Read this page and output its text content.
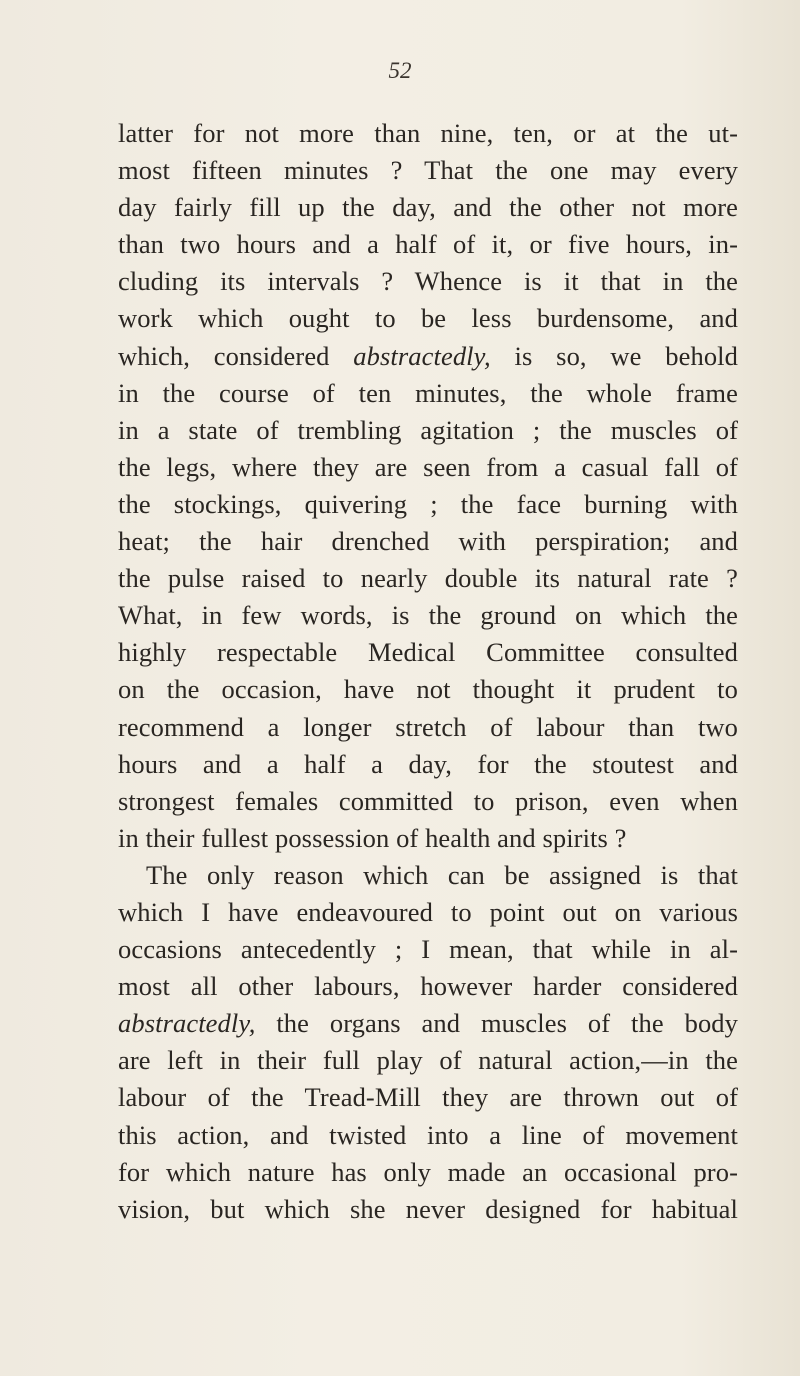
52
latter for not more than nine, ten, or at the ut-
most fifteen minutes ? That the one may every
day fairly fill up the day, and the other not more
than two hours and a half of it, or five hours, in-
cluding its intervals ? Whence is it that in the
work which ought to be less burdensome, and
which, considered abstractedly, is so, we behold
in the course of ten minutes, the whole frame
in a state of trembling agitation ; the muscles of
the legs, where they are seen from a casual fall of
the stockings, quivering ; the face burning with
heat; the hair drenched with perspiration; and
the pulse raised to nearly double its natural rate ?
What, in few words, is the ground on which the
highly respectable Medical Committee consulted
on the occasion, have not thought it prudent to
recommend a longer stretch of labour than two
hours and a half a day, for the stoutest and
strongest females committed to prison, even when
in their fullest possession of health and spirits ?
The only reason which can be assigned is that
which I have endeavoured to point out on various
occasions antecedently ; I mean, that while in al-
most all other labours, however harder considered
abstractedly, the organs and muscles of the body
are left in their full play of natural action,—in the
labour of the Tread-Mill they are thrown out of
this action, and twisted into a line of movement
for which nature has only made an occasional pro-
vision, but which she never designed for habitual
